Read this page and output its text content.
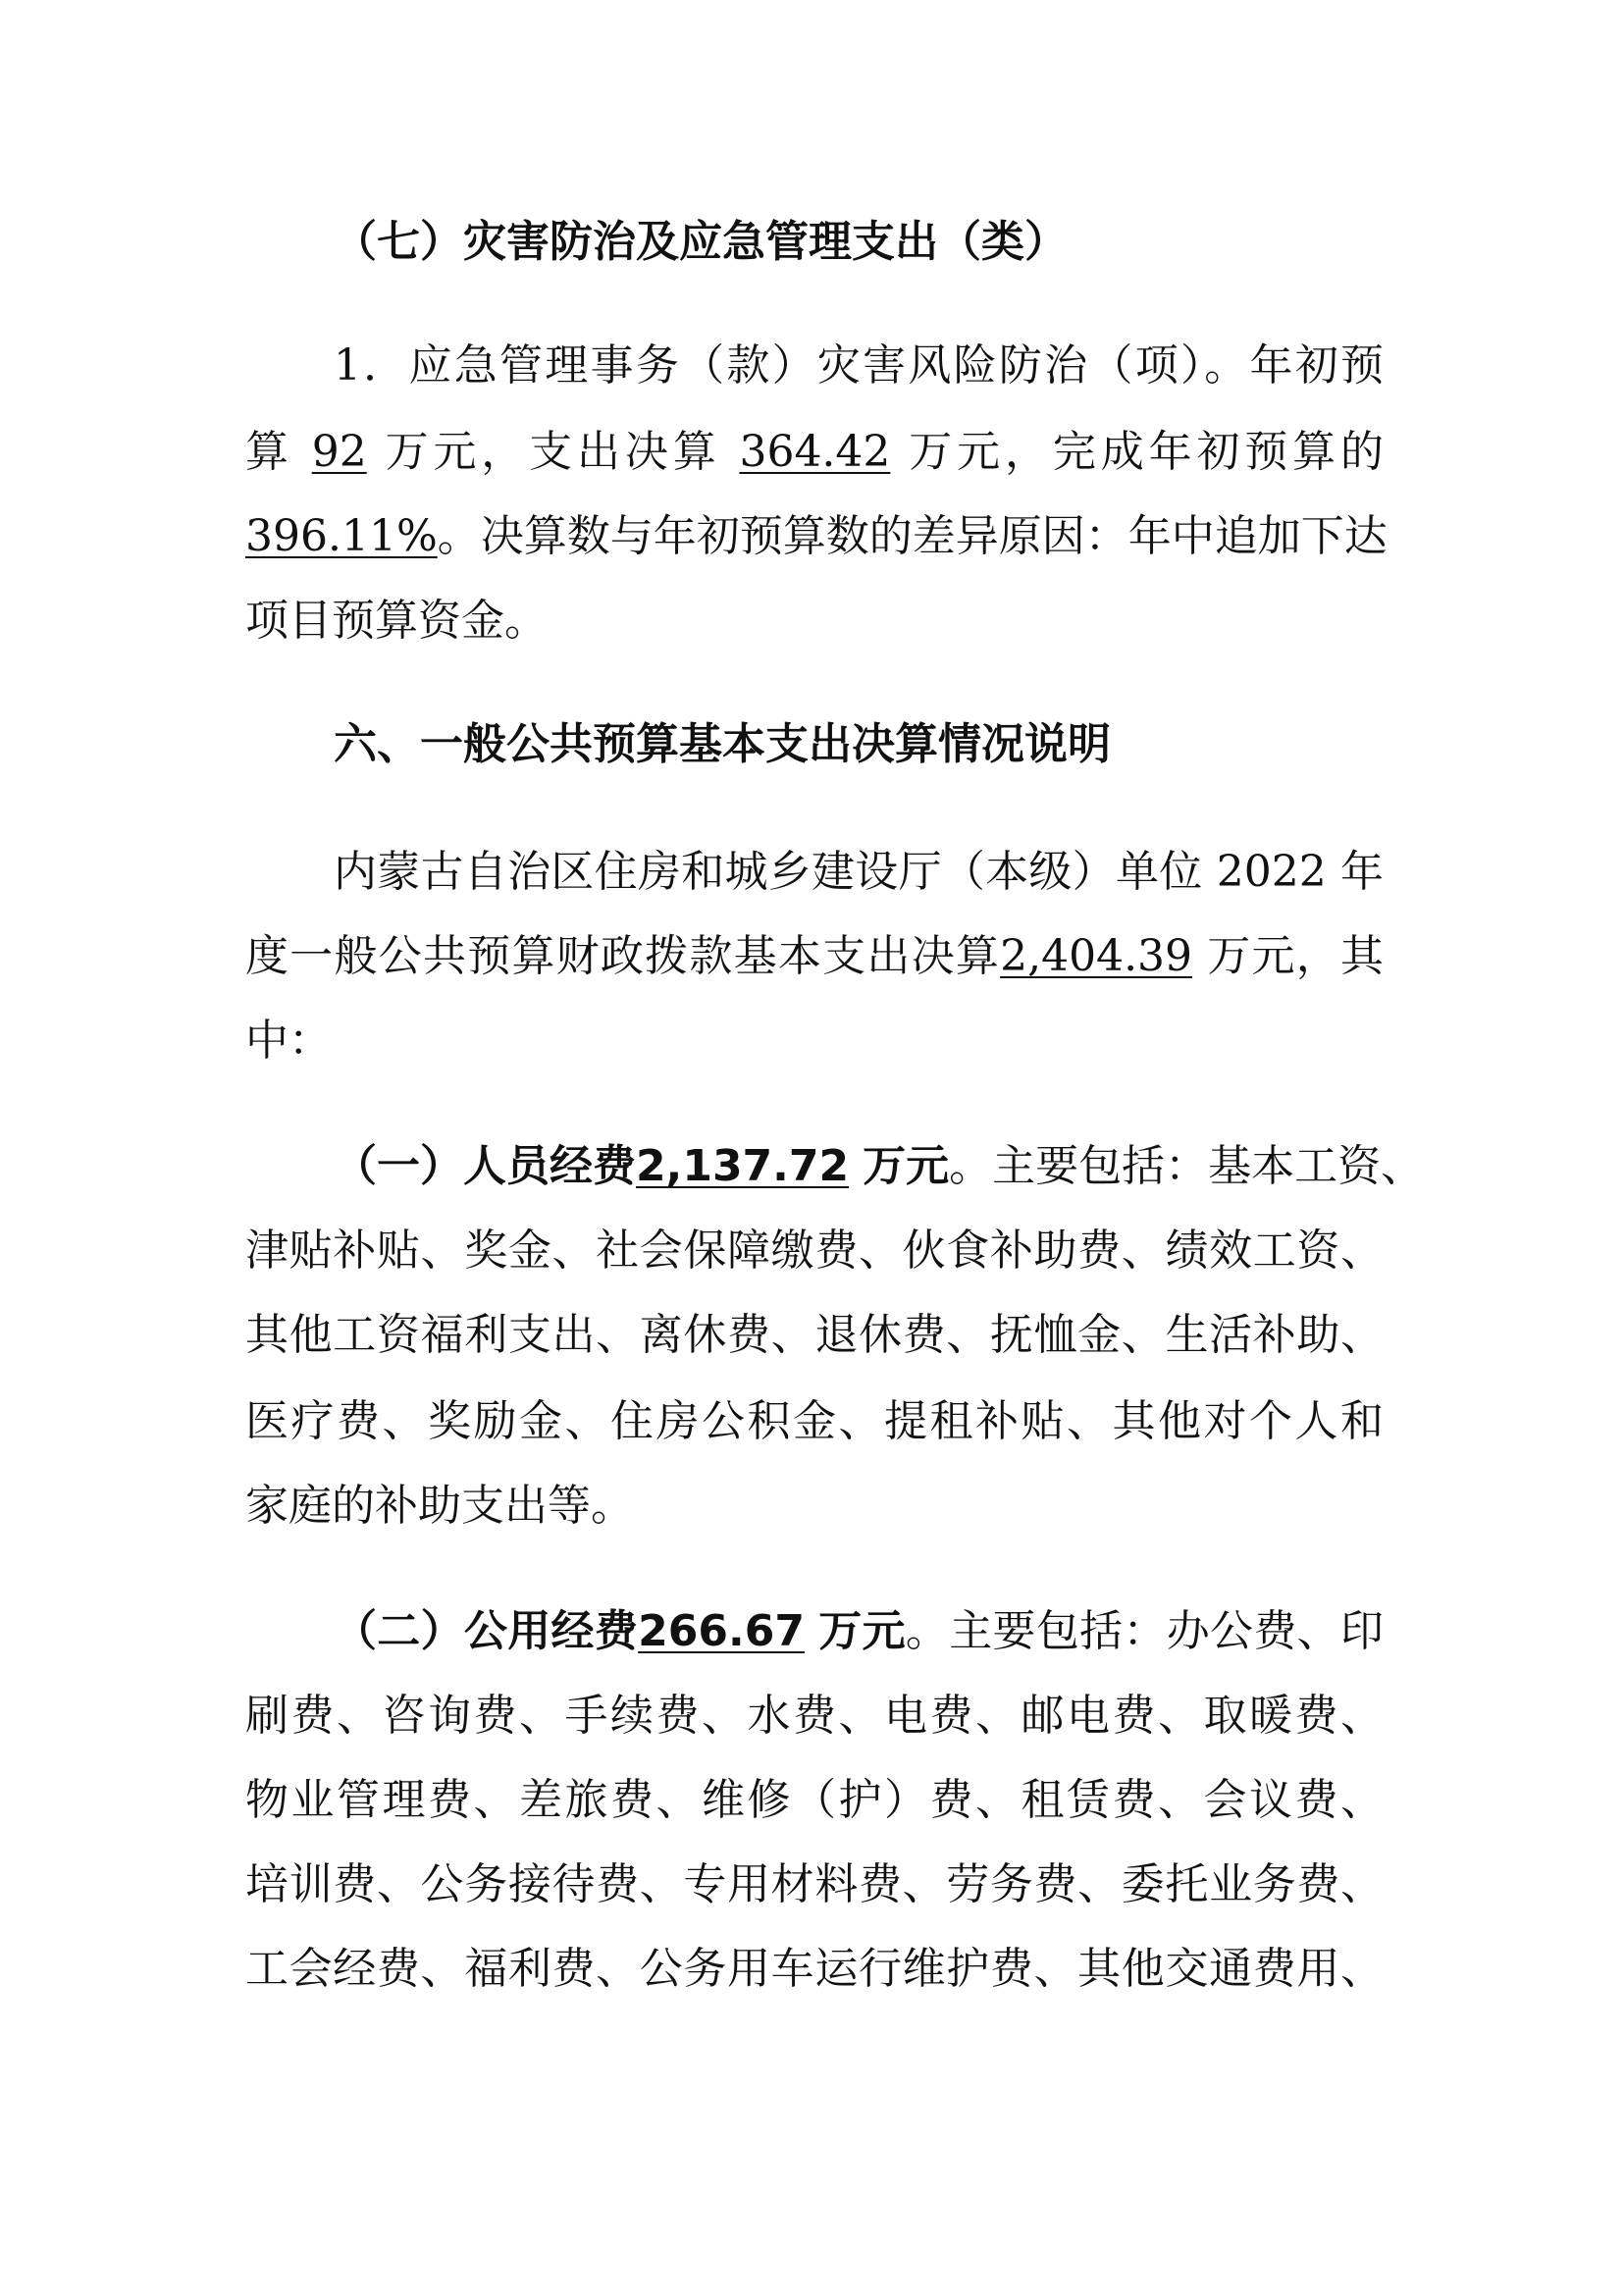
（七）灾害防治及应急管理支出（类）
1．应急管理事务（款）灾害风险防治（项）。年初预
算 92 万元，支出决算 364.42 万元，完成年初预算的
396.11%。决算数与年初预算数的差异原因：年中追加下达
项目预算资金。
六、一般公共预算基本支出决算情况说明
内蒙古自治区住房和城乡建设厅（本级）单位 2022 年
度一般公共预算财政拨款基本支出决算2,404.39 万元，其
中：
（一）人员经费2,137.72 万元。主要包括：基本工资、
津贴补贴、奖金、社会保障缴费、伙食补助费、绩效工资、
其他工资福利支出、离休费、退休费、抚恤金、生活补助、
医疗费、奖励金、住房公积金、提租补贴、其他对个人和
家庭的补助支出等。
（二）公用经费266.67 万元。主要包括：办公费、印
刷费、咨询费、手续费、水费、电费、邮电费、取暖费、
物业管理费、差旅费、维修（护）费、租赁费、会议费、
培训费、公务接待费、专用材料费、劳务费、委托业务费、
工会经费、福利费、公务用车运行维护费、其他交通费用、
